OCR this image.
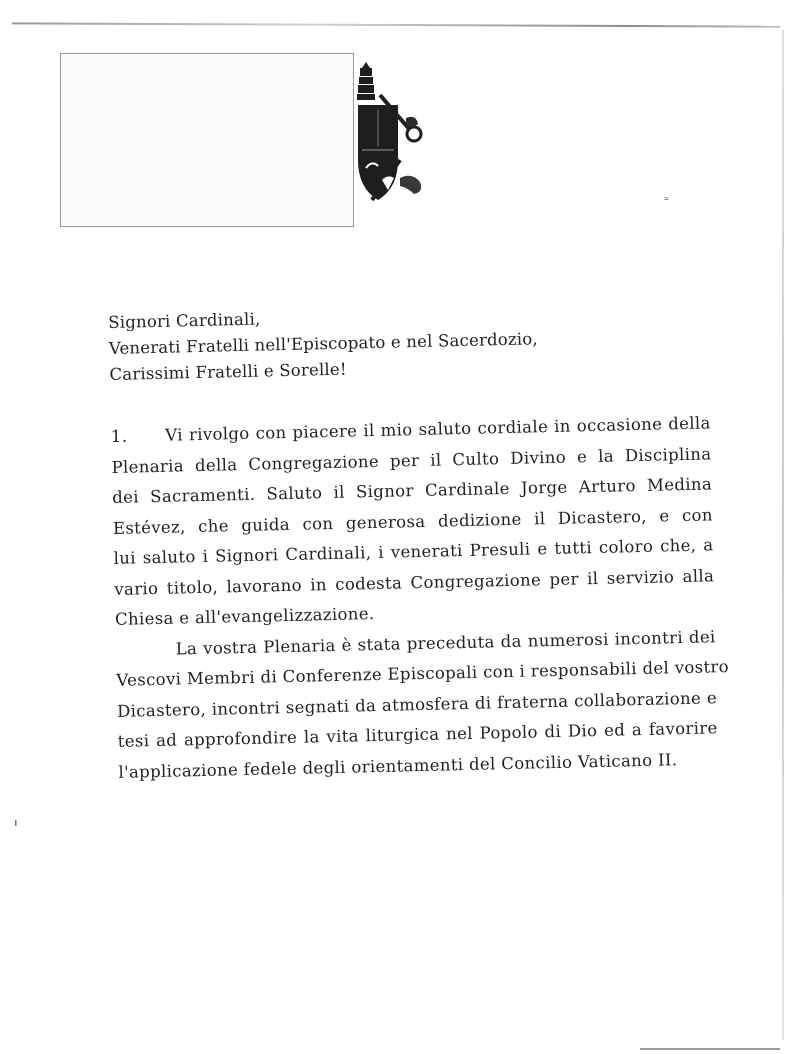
=

Signori Cardinali,

Venerati Fratelli nell'Episcopato e nel Sacerdozio,

Carissimi Fratelli e Sorelle!

1. Vi rivolgo con piacere il mio saluto cordiale in occasione della
Plenaria della Congregazione per il Culto Divino e la Disciplina
dei Sacramenti. Saluto il Signor Cardinale Jorge Arturo Medina
Estévez, che guida con generosa dedizione il Dicastero, e con
lui saluto i Signori Cardinali, i venerati Presuli e tutti coloro che, a
vario titolo, lavorano in codesta Congregazione per il servizio alla
Chiesa e all'evangelizzazione.
La vostra Plenaria è stata preceduta da numerosi incontri dei
Vescovi Membri di Conferenze Episcopali con i responsabili del vostro
Dicastero, incontri segnati da atmosfera di fraterna collaborazione e
tesi ad approfondire la vita liturgica nel Popolo di Dio ed a favorire
l'applicazione fedele degli orientamenti del Concilio Vaticano II.
